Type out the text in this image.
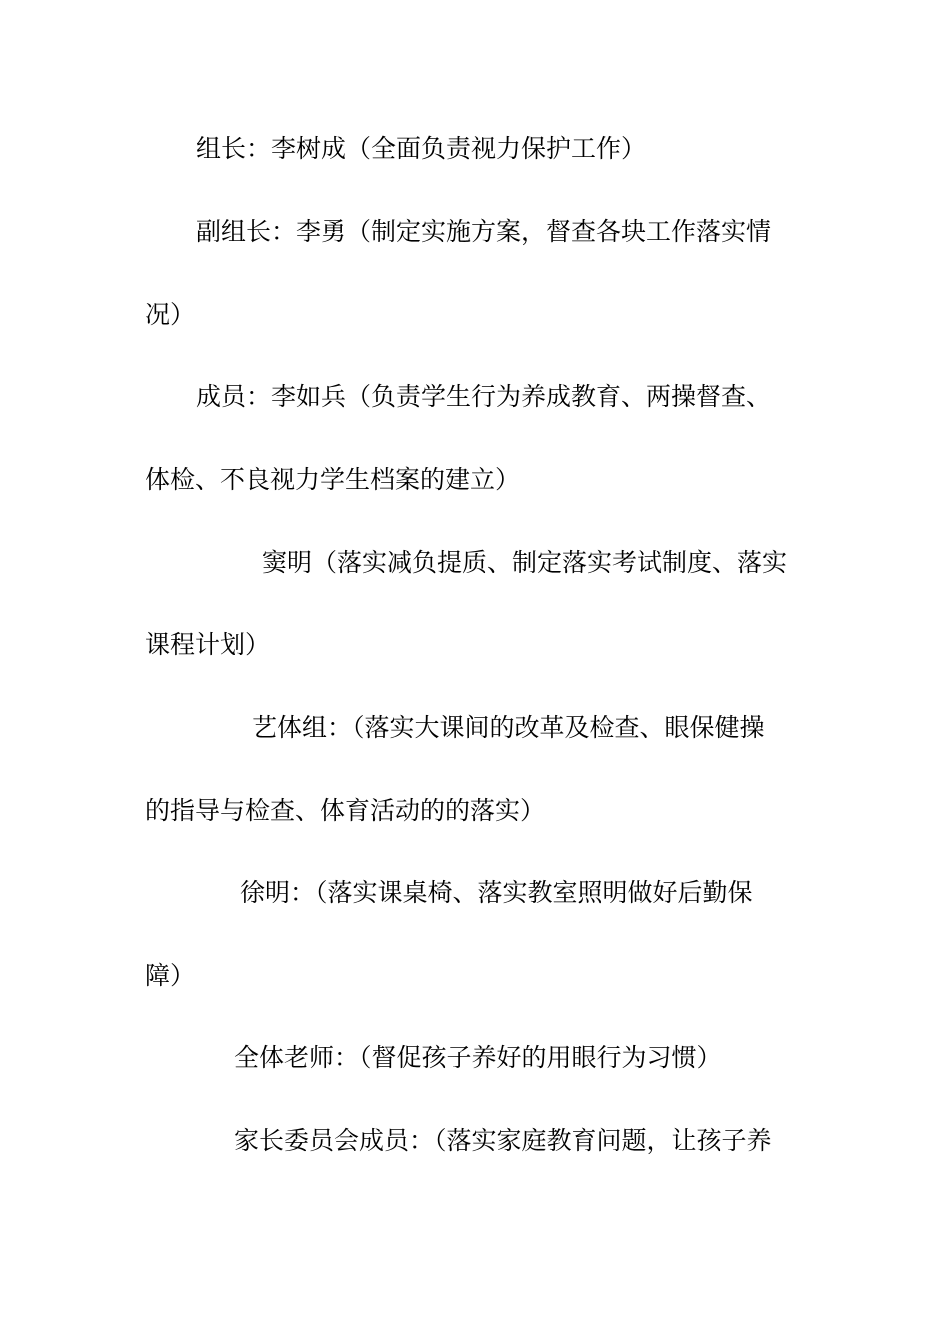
组长：李树成（全面负责视力保护工作）
副组长：李勇（制定实施方案，督查各块工作落实情
况）
成员：李如兵（负责学生行为养成教育、两操督查、
体检、不良视力学生档案的建立）
窦明（落实减负提质、制定落实考试制度、落实
课程计划）
艺体组：（落实大课间的改革及检查、眼保健操
的指导与检查、体育活动的的落实）
徐明：（落实课桌椅、落实教室照明做好后勤保
障）
全体老师：（督促孩子养好的用眼行为习惯）
家长委员会成员：（落实家庭教育问题，让孩子养
